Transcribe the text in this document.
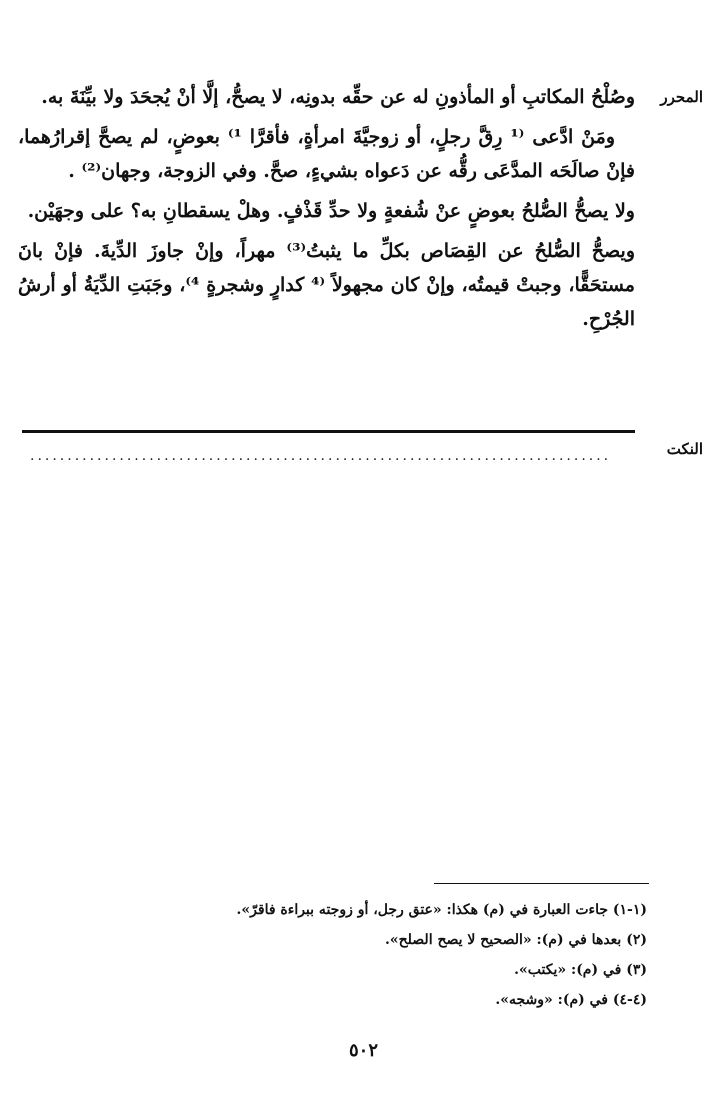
المحرر

وصُلْحُ المكاتبِ أو المأذونِ له عن حقِّه بدونِه، لا يصحُّ، إلَّا أنْ يُجحَدَ ولا بيِّنَةَ به.

ومَنْ ادَّعى ⁽¹ رِقَّ رجلٍ، أو زوجيَّةَ امرأةٍ، فأقرَّا ¹⁾ بعوضٍ، لم يصحَّ إقرارُهما، فإنْ صالَحَه المدَّعَى رقُّه عن دَعواه بشيءٍ، صحَّ. وفي الزوجة، وجهان⁽²⁾ .

ولا يصحُّ الصُّلحُ بعوضٍ عنْ شُفعةٍ ولا حدِّ قَذْفٍ. وهلْ يسقطانِ به؟ على وجهَيْن.

ويصحُّ الصُّلحُ عن القِصَاص بكلِّ ما يثبتُ⁽³⁾ مهراً، وإنْ جاوزَ الدِّيةَ. فإنْ بانَ مستحَقًّا، وجبتْ قيمتُه، وإنْ كان مجهولاً ⁽⁴ كدارٍ وشجرةٍ ⁴⁾، وجَبَتِ الدِّيَةُ أو أرشُ الجُرْحِ.

النكت
..............................................................................
(١-١) جاءت العبارة في (م) هكذا: «عتق رجل، أو زوجته ببراءة فاقرّ».
(٢) بعدها في (م): «الصحيح لا يصح الصلح».
(٣) في (م): «يكتب».
(٤-٤) في (م): «وشجه».
٥٠٢
